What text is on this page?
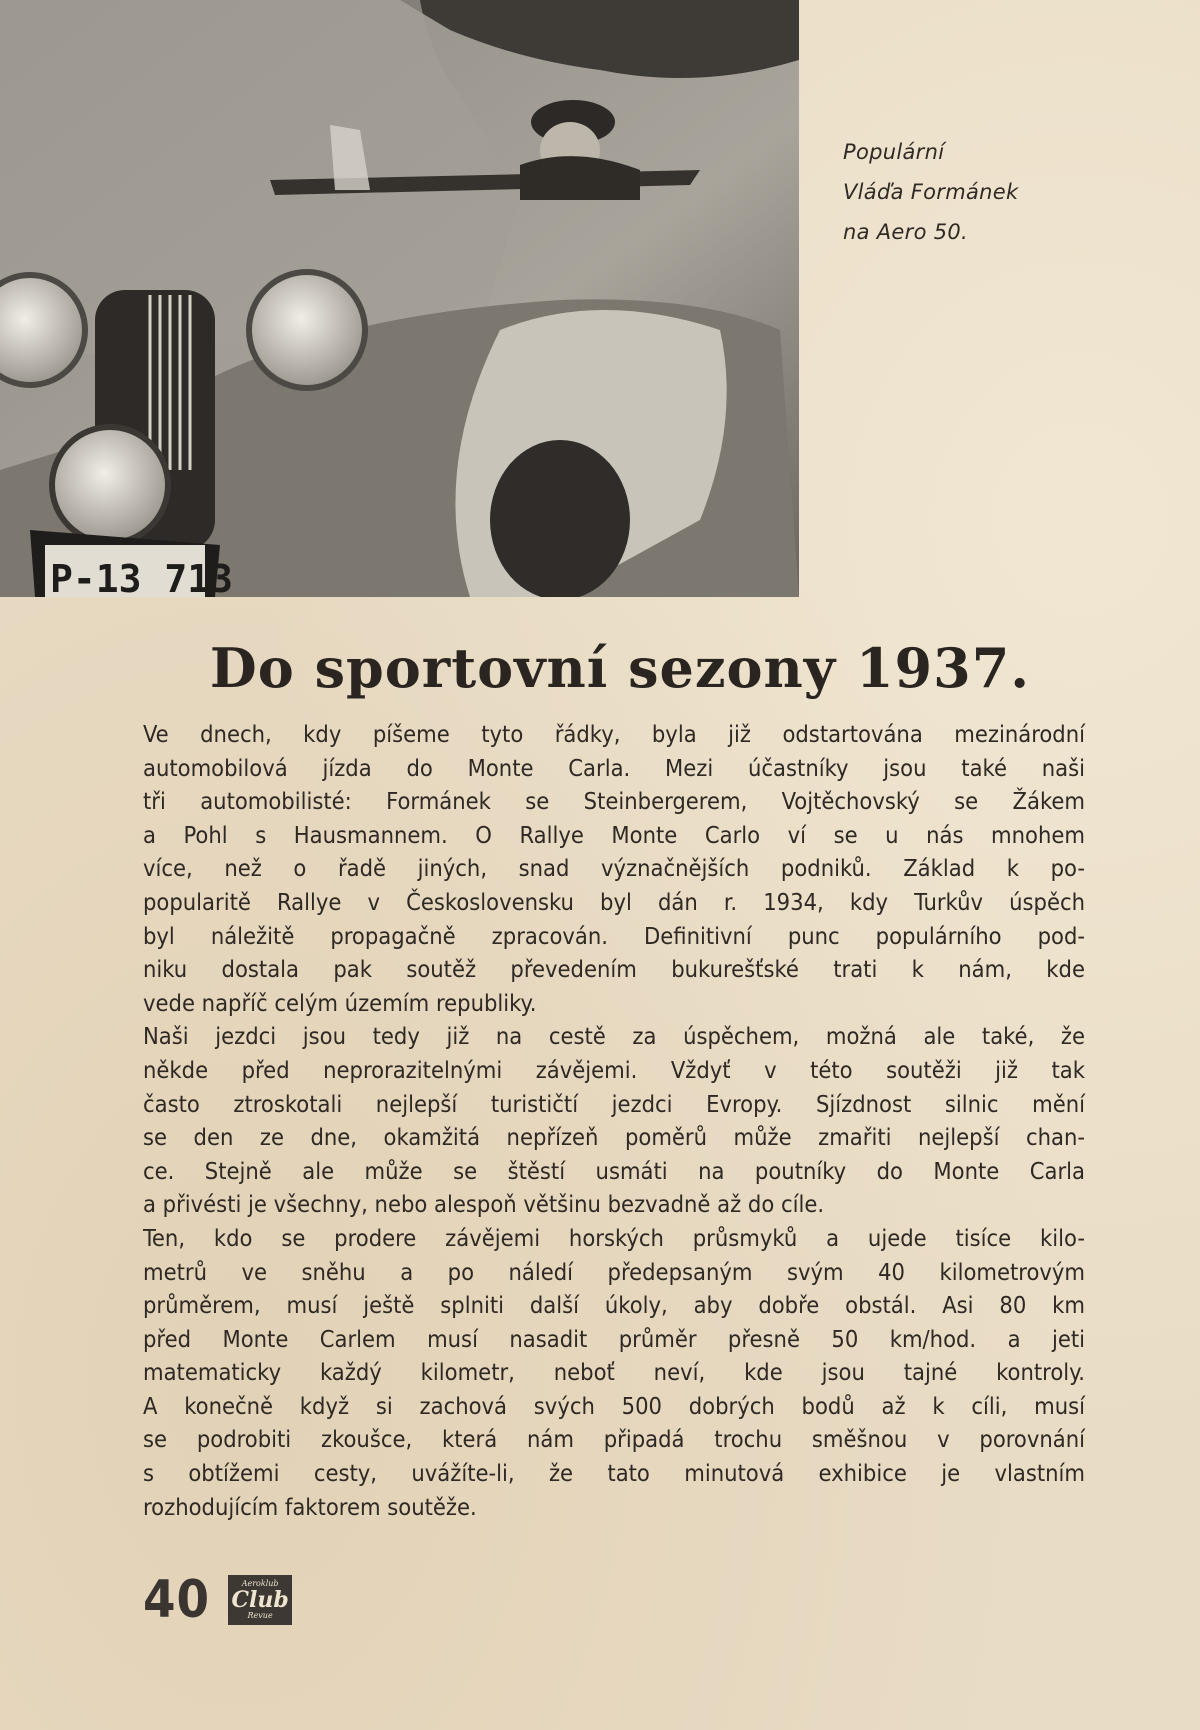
P-13 713
Populární
Vláďa Formánek
na Aero 50.
Do sportovní sezony 1937.
Ve dnech, kdy píšeme tyto řádky, byla již odstartována mezinárodní
automobilová jízda do Monte Carla. Mezi účastníky jsou také naši
tři automobilisté: Formánek se Steinbergerem, Vojtěchovský se Žákem
a Pohl s Hausmannem. O Rallye Monte Carlo ví se u nás mnohem
více, než o řadě jiných, snad význačnějších podniků. Základ k po-
popularitě Rallye v Československu byl dán r. 1934, kdy Turkův úspěch
byl náležitě propagačně zpracován. Definitivní punc populárního pod-
niku dostala pak soutěž převedením bukurešťské trati k nám, kde
vede napříč celým územím republiky.
Naši jezdci jsou tedy již na cestě za úspěchem, možná ale také, že
někde před neprorazitelnými závějemi. Vždyť v této soutěži již tak
často ztroskotali nejlepší turističtí jezdci Evropy. Sjízdnost silnic mění
se den ze dne, okamžitá nepřízeň poměrů může zmařiti nejlepší chan-
ce. Stejně ale může se štěstí usmáti na poutníky do Monte Carla
a přivésti je všechny, nebo alespoň většinu bezvadně až do cíle.
Ten, kdo se prodere závějemi horských průsmyků a ujede tisíce kilo-
metrů ve sněhu a po náledí předepsaným svým 40 kilometrovým
průměrem, musí ještě splniti další úkoly, aby dobře obstál. Asi 80 km
před Monte Carlem musí nasadit průměr přesně 50 km/hod. a jeti
matematicky každý kilometr, neboť neví, kde jsou tajné kontroly.
A konečně když si zachová svých 500 dobrých bodů až k cíli, musí
se podrobiti zkoušce, která nám připadá trochu směšnou v porovnání
s obtížemi cesty, uvážíte-li, že tato minutová exhibice je vlastním
rozhodujícím faktorem soutěže.
40	Aeroklub
Club
Revue
